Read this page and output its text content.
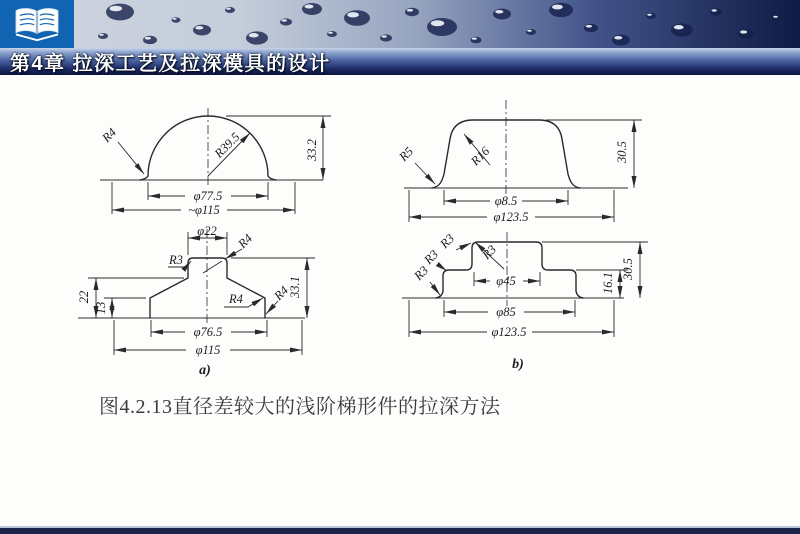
第4章 拉深工艺及拉深模具的设计
R4	R39.5	33.2
φ77.5
~φ115
R16
R5	30.5
φ8.5
φ123.5
φ22
R3
R4
22
13
33.1
R4 R4
φ76.5
φ115
a)
R3
R3
R3
R3
φ45	16.1
30.5
φ85
φ123.5
b)
图4.2.13直径差较大的浅阶梯形件的拉深方法
